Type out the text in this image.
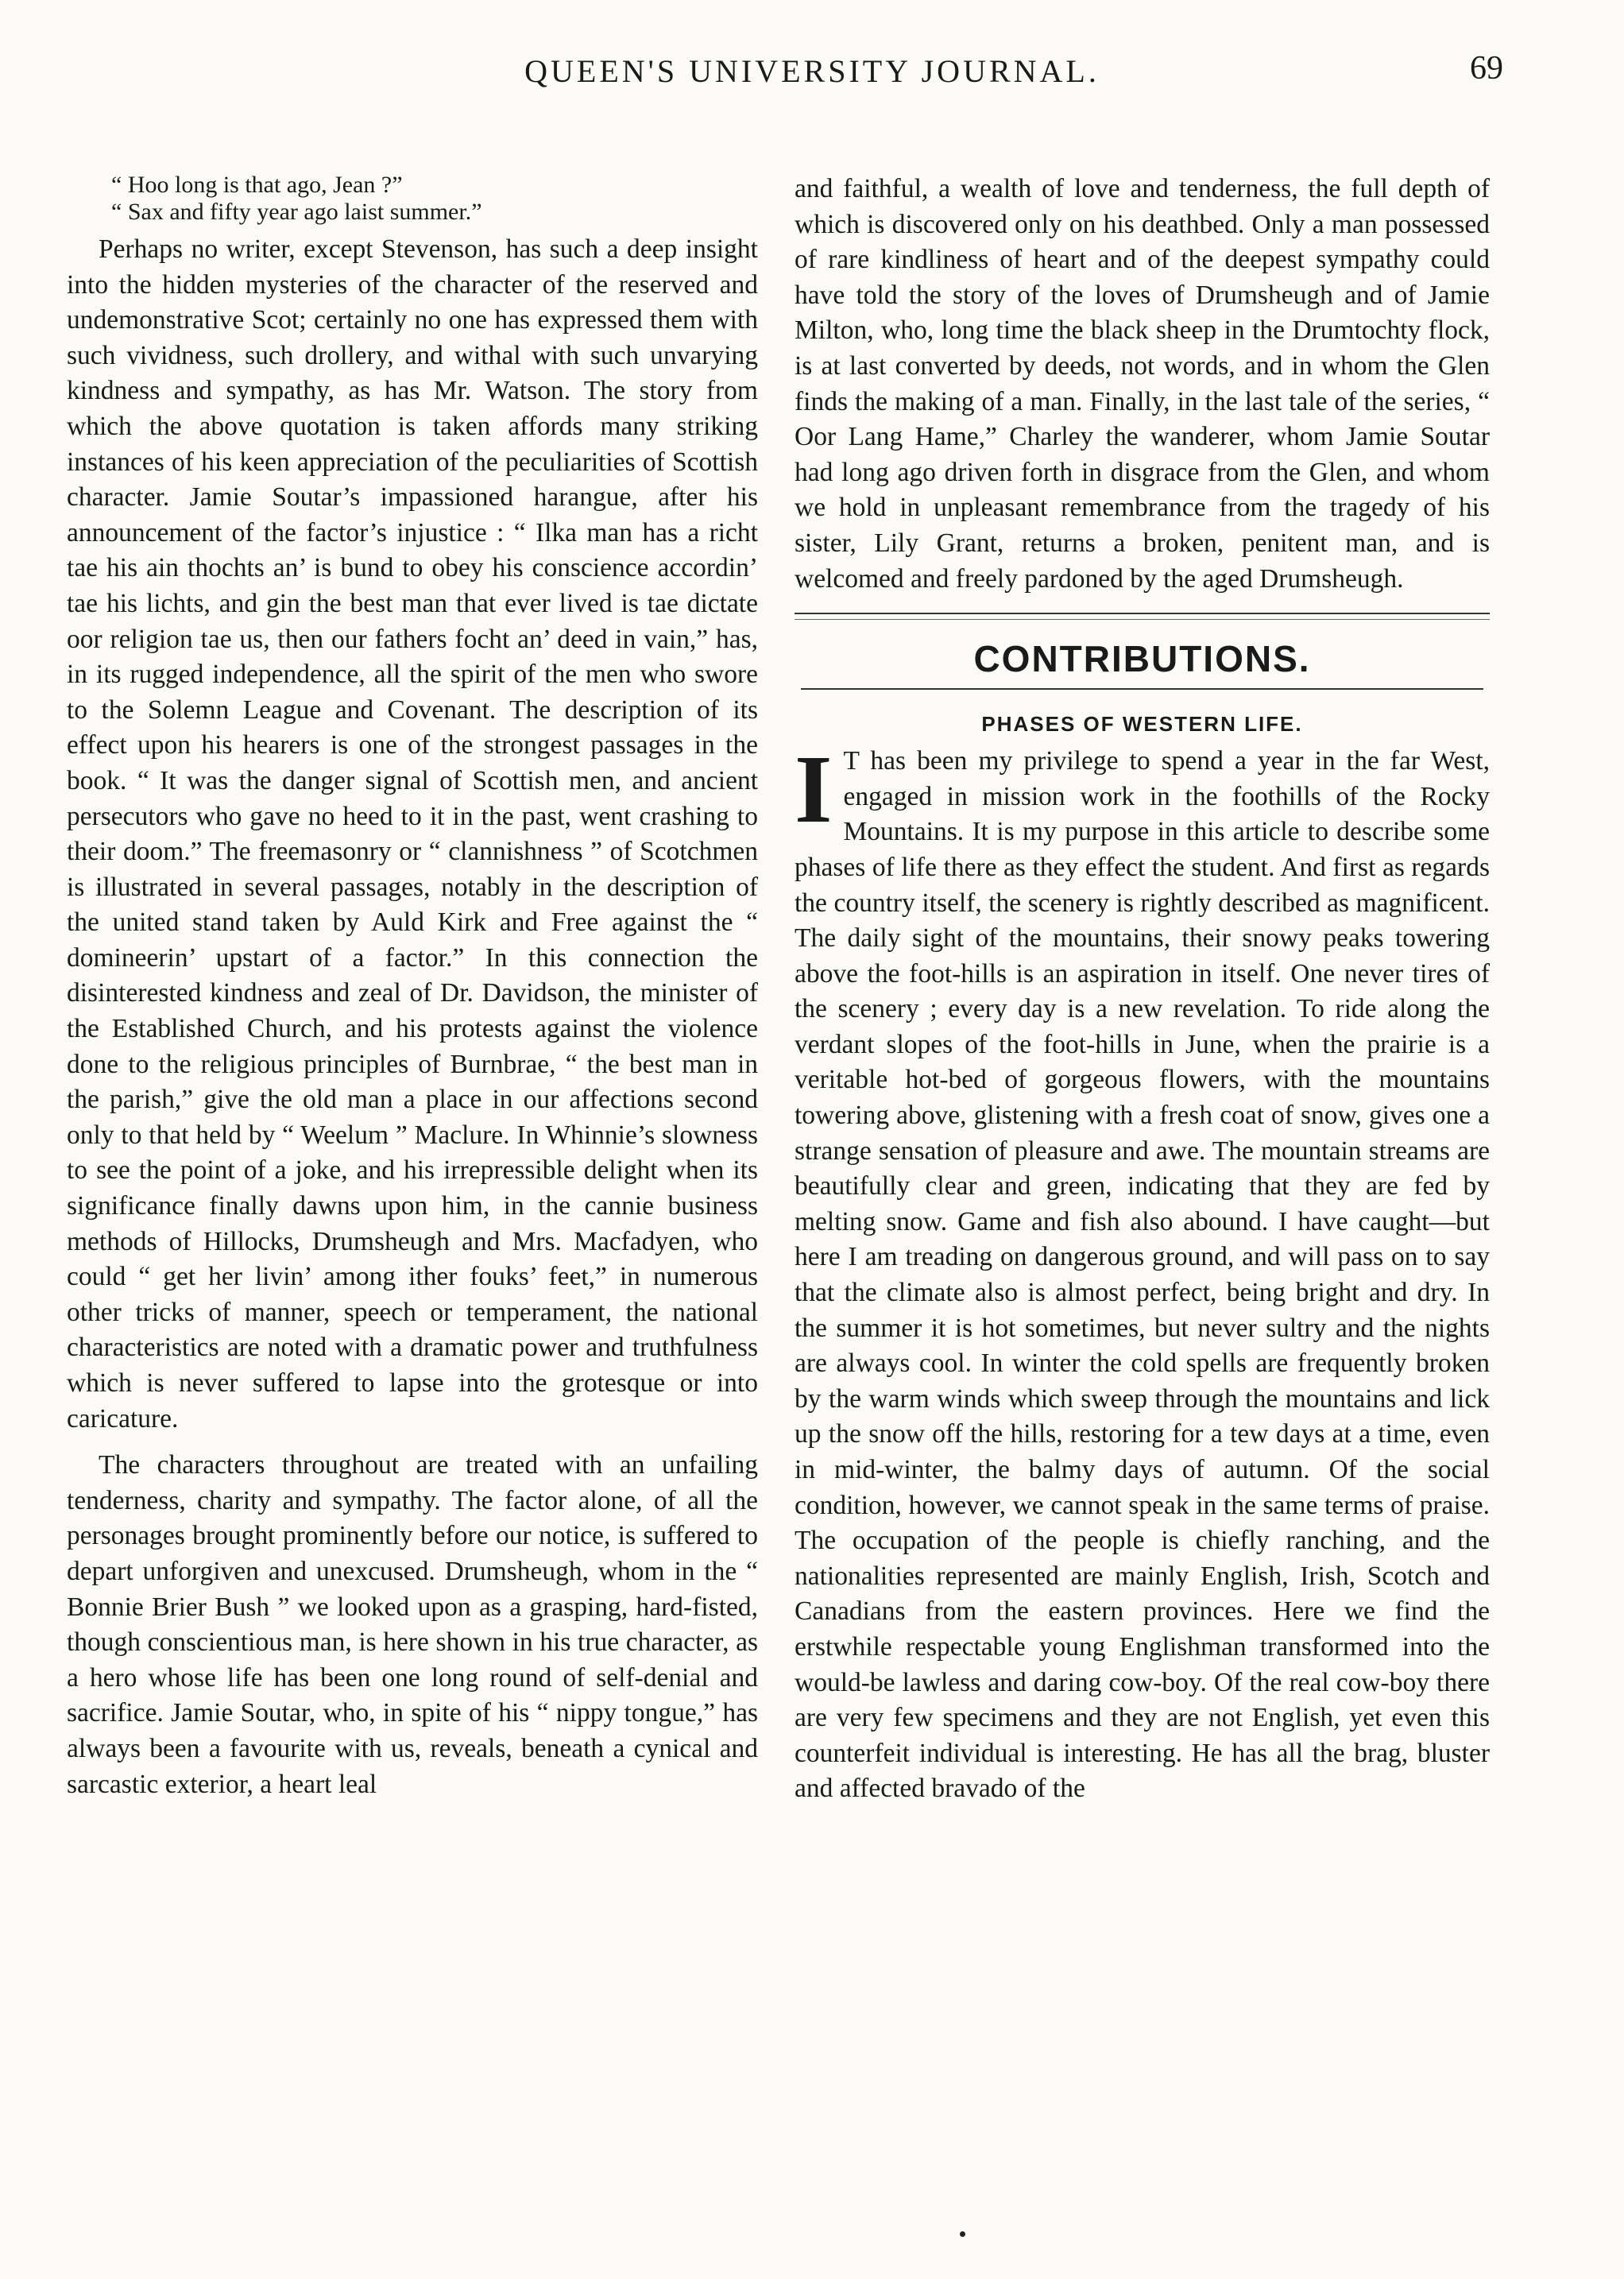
QUEEN'S UNIVERSITY JOURNAL.	69
“ Hoo long is that ago, Jean ?”
“ Sax and fifty year ago laist summer.”

Perhaps no writer, except Stevenson, has such a deep insight into the hidden mysteries of the character of the reserved and undemonstrative Scot; certainly no one has expressed them with such vividness, such drollery, and withal with such unvarying kindness and sympathy, as has Mr. Watson. The story from which the above quotation is taken affords many striking instances of his keen appreciation of the peculiarities of Scottish character. Jamie Soutar’s impassioned harangue, after his announcement of the factor’s injustice : “ Ilka man has a richt tae his ain thochts an’ is bund to obey his conscience accordin’ tae his lichts, and gin the best man that ever lived is tae dictate oor religion tae us, then our fathers focht an’ deed in vain,” has, in its rugged independence, all the spirit of the men who swore to the Solemn League and Covenant. The description of its effect upon his hearers is one of the strongest passages in the book. “ It was the danger signal of Scottish men, and ancient persecutors who gave no heed to it in the past, went crashing to their doom.” The freemasonry or “ clannishness ” of Scotchmen is illustrated in several passages, notably in the description of the united stand taken by Auld Kirk and Free against the “ domineerin’ upstart of a factor.” In this connection the disinterested kindness and zeal of Dr. Davidson, the minister of the Established Church, and his protests against the violence done to the religious principles of Burnbrae, “ the best man in the parish,” give the old man a place in our affections second only to that held by “ Weelum ” Maclure. In Whinnie’s slowness to see the point of a joke, and his irrepressible delight when its significance finally dawns upon him, in the cannie business methods of Hillocks, Drumsheugh and Mrs. Macfadyen, who could “ get her livin’ among ither fouks’ feet,” in numerous other tricks of manner, speech or temperament, the national characteristics are noted with a dramatic power and truthfulness which is never suffered to lapse into the grotesque or into caricature.

The characters throughout are treated with an unfailing tenderness, charity and sympathy. The factor alone, of all the personages brought prominently before our notice, is suffered to depart unforgiven and unexcused. Drumsheugh, whom in the “ Bonnie Brier Bush ” we looked upon as a grasping, hard-fisted, though conscientious man, is here shown in his true character, as a hero whose life has been one long round of self-denial and sacrifice. Jamie Soutar, who, in spite of his “ nippy tongue,” has always been a favourite with us, reveals, beneath a cynical and sarcastic exterior, a heart leal

and faithful, a wealth of love and tenderness, the full depth of which is discovered only on his deathbed. Only a man possessed of rare kindliness of heart and of the deepest sympathy could have told the story of the loves of Drumsheugh and of Jamie Milton, who, long time the black sheep in the Drumtochty flock, is at last converted by deeds, not words, and in whom the Glen finds the making of a man. Finally, in the last tale of the series, “ Oor Lang Hame,” Charley the wanderer, whom Jamie Soutar had long ago driven forth in disgrace from the Glen, and whom we hold in unpleasant remembrance from the tragedy of his sister, Lily Grant, returns a broken, penitent man, and is welcomed and freely pardoned by the aged Drumsheugh.

CONTRIBUTIONS.
PHASES OF WESTERN LIFE.

I T has been my privilege to spend a year in the far West, engaged in mission work in the foothills of the Rocky Mountains. It is my purpose in this article to describe some phases of life there as they effect the student. And first as regards the country itself, the scenery is rightly described as magnificent. The daily sight of the mountains, their snowy peaks towering above the foot-hills is an aspiration in itself. One never tires of the scenery ; every day is a new revelation. To ride along the verdant slopes of the foot-hills in June, when the prairie is a veritable hot-bed of gorgeous flowers, with the mountains towering above, glistening with a fresh coat of snow, gives one a strange sensation of pleasure and awe. The mountain streams are beautifully clear and green, indicating that they are fed by melting snow. Game and fish also abound. I have caught—but here I am treading on dangerous ground, and will pass on to say that the climate also is almost perfect, being bright and dry. In the summer it is hot sometimes, but never sultry and the nights are always cool. In winter the cold spells are frequently broken by the warm winds which sweep through the mountains and lick up the snow off the hills, restoring for a tew days at a time, even in mid-winter, the balmy days of autumn. Of the social condition, however, we cannot speak in the same terms of praise. The occupation of the people is chiefly ranching, and the nationalities represented are mainly English, Irish, Scotch and Canadians from the eastern provinces. Here we find the erstwhile respectable young Englishman transformed into the would-be lawless and daring cow-boy. Of the real cow-boy there are very few specimens and they are not English, yet even this counterfeit individual is interesting. He has all the brag, bluster and affected bravado of the
